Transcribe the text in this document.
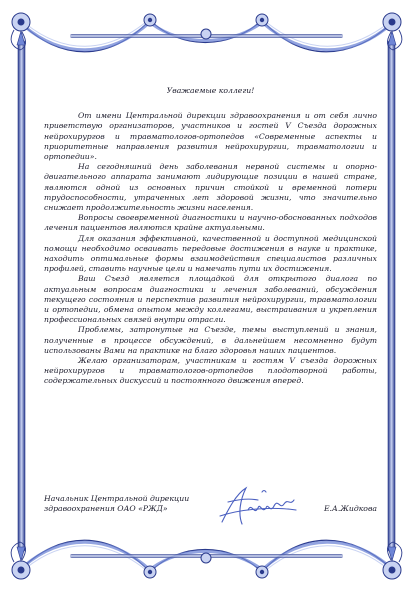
Уважаемые коллеги!

От имени Центральной дирекции здравоохранения и от себя лично приветствую организаторов, участников и гостей V Съезда дорожных нейрохирургов и травматологов-ортопедов «Современные аспекты и приоритетные направления развития нейрохирургии, травматологии и ортопедии».

На сегодняшний день заболевания нервной системы и опорно-двигательного аппарата занимают лидирующие позиции в нашей стране, являются одной из основных причин стойкой и временной потери трудоспособности, утраченных лет здоровой жизни, что значительно снижает продолжительность жизни населения.

Вопросы своевременной диагностики и научно-обоснованных подходов лечения пациентов являются крайне актуальными.

Для оказания эффективной, качественной и доступной медицинской помощи необходимо осваивать передовые достижения в науке и практике, находить оптимальные формы взаимодействия специалистов различных профилей, ставить научные цели и намечать пути их достижения.

Ваш Съезд является площадкой для открытого диалога по актуальным вопросам диагностики и лечения заболеваний, обсуждения текущего состояния и перспектив развития нейрохирургии, травматологии и ортопедии, обмена опытом между коллегами, выстраивания и укрепления профессиональных связей внутри отрасли.

Проблемы, затронутые на Съезде, темы выступлений и знания, полученные в процессе обсуждений, в дальнейшем несомненно будут использованы Вами на практике на благо здоровья наших пациентов.

Желаю организаторам, участникам и гостям V съезда дорожных нейрохирургов и травматологов-ортопедов плодотворной работы, содержательных дискуссий и постоянного движения вперед.

Начальник Центральной дирекции здравоохранения ОАО «РЖД»	Е.А.Жидкова
